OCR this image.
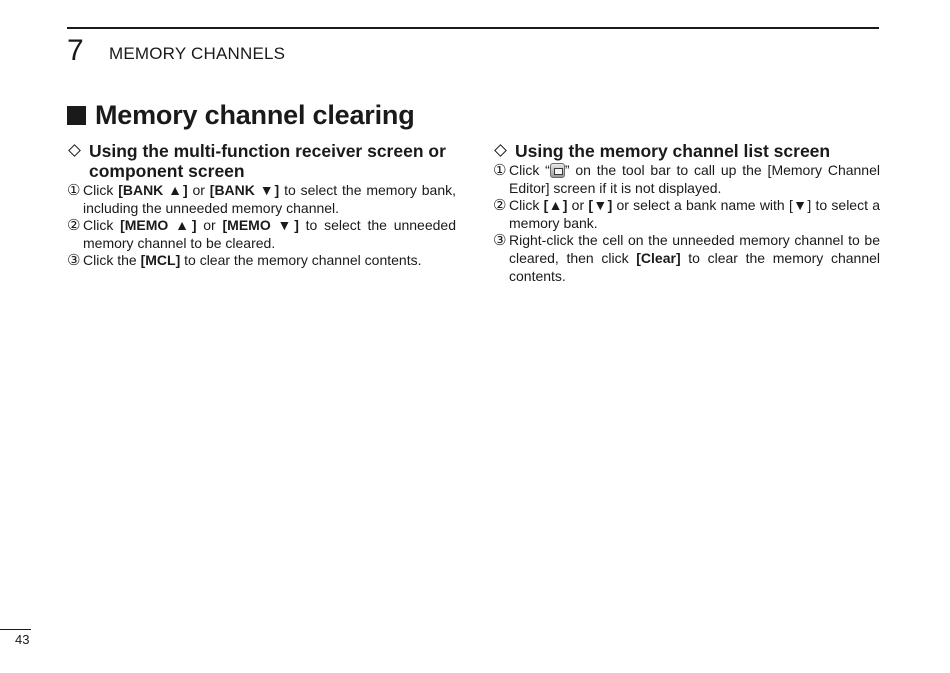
7 MEMORY CHANNELS
Memory channel clearing
Using the multi-function receiver screen or component screen
① Click [BANK ▲] or [BANK ▼] to select the memory bank, including the unneeded memory channel.
② Click [MEMO ▲] or [MEMO ▼] to select the unneeded memory channel to be cleared.
③ Click the [MCL] to clear the memory channel contents.
Using the memory channel list screen
① Click “ ” on the tool bar to call up the [Memory Channel Editor] screen if it is not displayed.
② Click [▲] or [▼] or select a bank name with [▼] to select a memory bank.
③ Right-click the cell on the unneeded memory channel to be cleared, then click [Clear] to clear the memory channel contents.
43
